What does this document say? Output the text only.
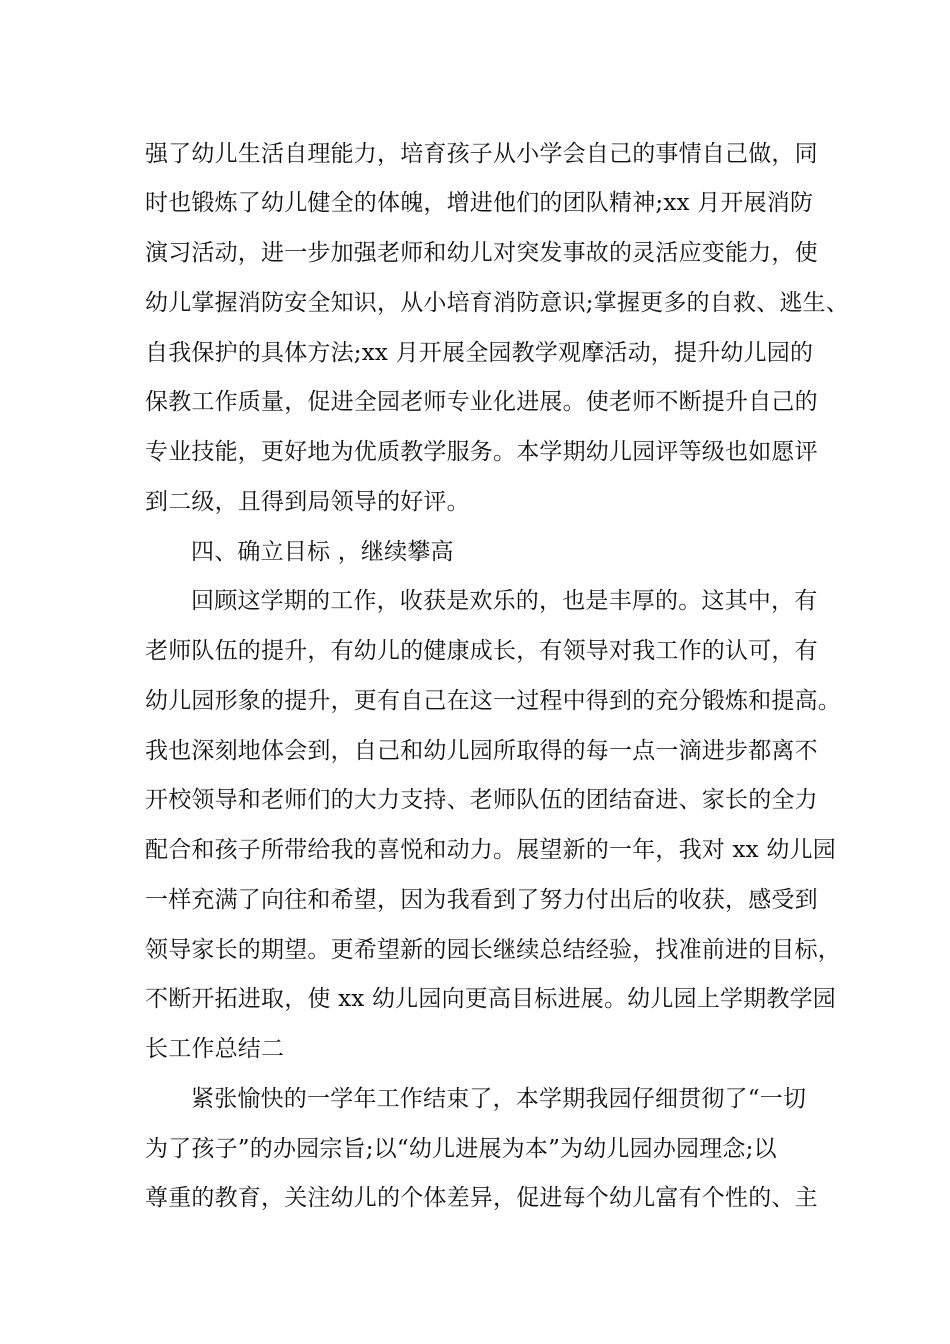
强了幼儿生活自理能力，培育孩子从小学会自己的事情自己做，同
时也锻炼了幼儿健全的体魄，增进他们的团队精神;xx 月开展消防
演习活动，进一步加强老师和幼儿对突发事故的灵活应变能力，使
幼儿掌握消防安全知识，从小培育消防意识;掌握更多的自救、逃生、
自我保护的具体方法;xx 月开展全园教学观摩活动，提升幼儿园的
保教工作质量，促进全园老师专业化进展。使老师不断提升自己的
专业技能，更好地为优质教学服务。本学期幼儿园评等级也如愿评
到二级，且得到局领导的好评。
四、确立目标 ，继续攀高
回顾这学期的工作，收获是欢乐的，也是丰厚的。这其中，有
老师队伍的提升，有幼儿的健康成长，有领导对我工作的认可，有
幼儿园形象的提升，更有自己在这一过程中得到的充分锻炼和提高。
我也深刻地体会到，自己和幼儿园所取得的每一点一滴进步都离不
开校领导和老师们的大力支持、老师队伍的团结奋进、家长的全力
配合和孩子所带给我的喜悦和动力。展望新的一年，我对 xx 幼儿园
一样充满了向往和希望，因为我看到了努力付出后的收获，感受到
领导家长的期望。更希望新的园长继续总结经验，找准前进的目标，
不断开拓进取，使 xx 幼儿园向更高目标进展。幼儿园上学期教学园
长工作总结二
紧张愉快的一学年工作结束了，本学期我园仔细贯彻了“一切
为了孩子”的办园宗旨;以“幼儿进展为本”为幼儿园办园理念;以
尊重的教育，关注幼儿的个体差异，促进每个幼儿富有个性的、主
